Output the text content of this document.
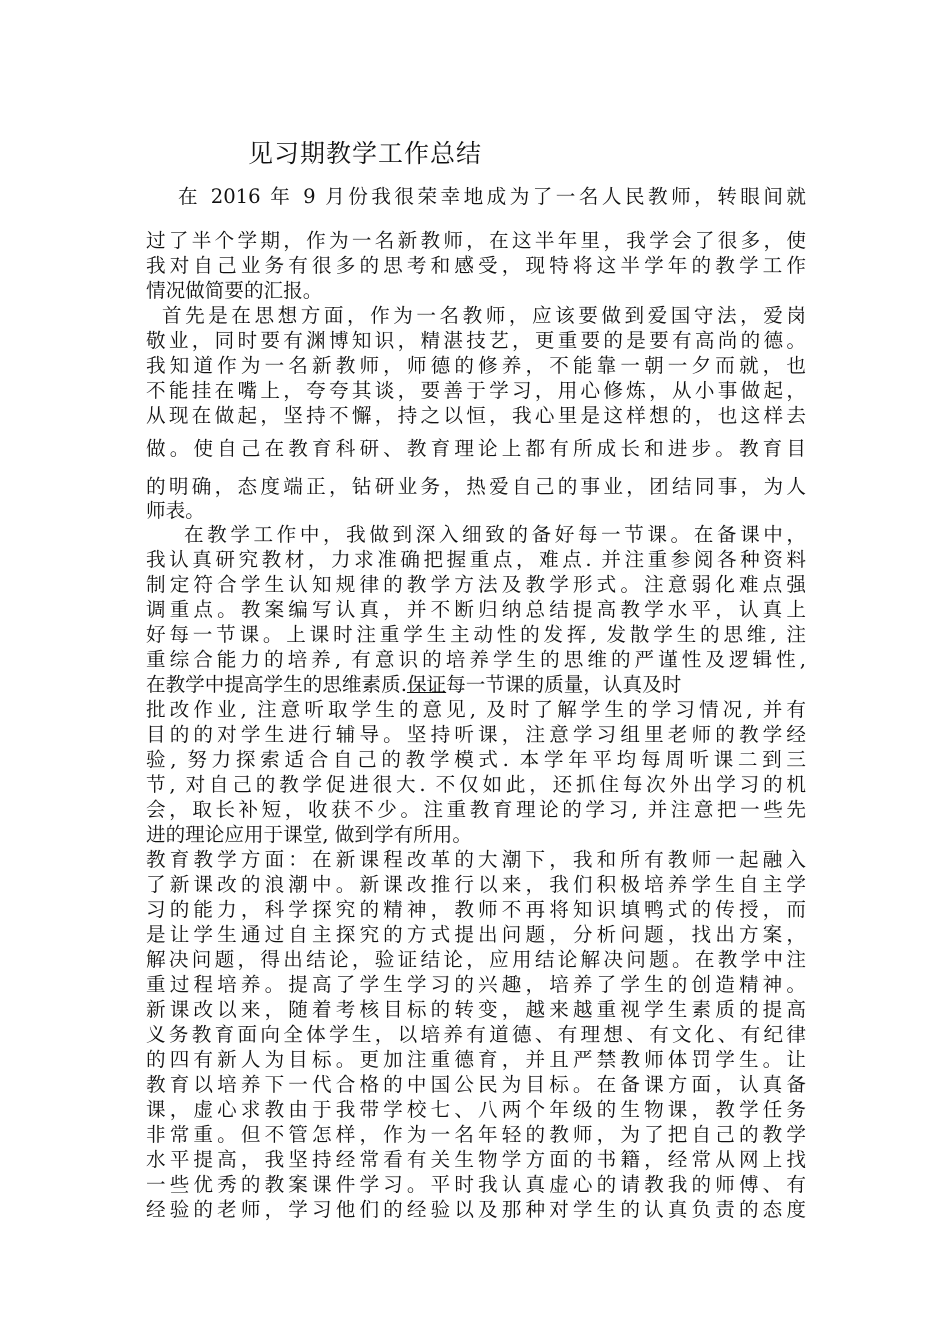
见习期教学工作总结
在 2016 年 9 月份我很荣幸地成为了一名人民教师，转眼间就
过了半个学期，作为一名新教师，在这半年里，我学会了很多，使
我对自己业务有很多的思考和感受，现特将这半学年的教学工作
情况做简要的汇报。
首先是在思想方面，作为一名教师，应该要做到爱国守法，爱岗
敬业，同时要有渊博知识，精湛技艺，更重要的是要有高尚的德。
我知道作为一名新教师，师德的修养，不能靠一朝一夕而就，也
不能挂在嘴上，夸夸其谈，要善于学习，用心修炼，从小事做起，
从现在做起，坚持不懈，持之以恒，我心里是这样想的，也这样去
做。使自己在教育科研、教育理论上都有所成长和进步。教育目
的明确，态度端正，钻研业务，热爱自己的事业，团结同事，为人
师表。
在教学工作中，我做到深入细致的备好每一节课。在备课中，
我认真研究教材，力求准确把握重点，难点. 并注重参阅各种资料
制定符合学生认知规律的教学方法及教学形式。注意弱化难点强
调重点。教案编写认真，并不断归纳总结提高教学水平，认真上
好每一节课。上课时注重学生主动性的发挥, 发散学生的思维, 注
重综合能力的培养, 有意识的培养学生的思维的严谨性及逻辑性,
在教学中提高学生的思维素质.保证每一节课的质量，认真及时
批改作业, 注意听取学生的意见, 及时了解学生的学习情况, 并有
目的的对学生进行辅导。坚持听课，注意学习组里老师的教学经
验, 努力探索适合自己的教学模式. 本学年平均每周听课二到三
节, 对自己的教学促进很大. 不仅如此，还抓住每次外出学习的机
会，取长补短，收获不少。注重教育理论的学习, 并注意把一些先
进的理论应用于课堂, 做到学有所用。
教育教学方面：在新课程改革的大潮下，我和所有教师一起融入
了新课改的浪潮中。新课改推行以来，我们积极培养学生自主学
习的能力，科学探究的精神，教师不再将知识填鸭式的传授，而
是让学生通过自主探究的方式提出问题，分析问题，找出方案，
解决问题，得出结论，验证结论，应用结论解决问题。在教学中注
重过程培养。提高了学生学习的兴趣，培养了学生的创造精神。
新课改以来，随着考核目标的转变，越来越重视学生素质的提高
义务教育面向全体学生，以培养有道德、有理想、有文化、有纪律
的四有新人为目标。更加注重德育，并且严禁教师体罚学生。让
教育以培养下一代合格的中国公民为目标。在备课方面，认真备
课，虚心求教由于我带学校七、八两个年级的生物课，教学任务
非常重。但不管怎样，作为一名年轻的教师，为了把自己的教学
水平提高，我坚持经常看有关生物学方面的书籍，经常从网上找
一些优秀的教案课件学习。平时我认真虚心的请教我的师傅、有
经验的老师，学习他们的经验以及那种对学生的认真负责的态度
